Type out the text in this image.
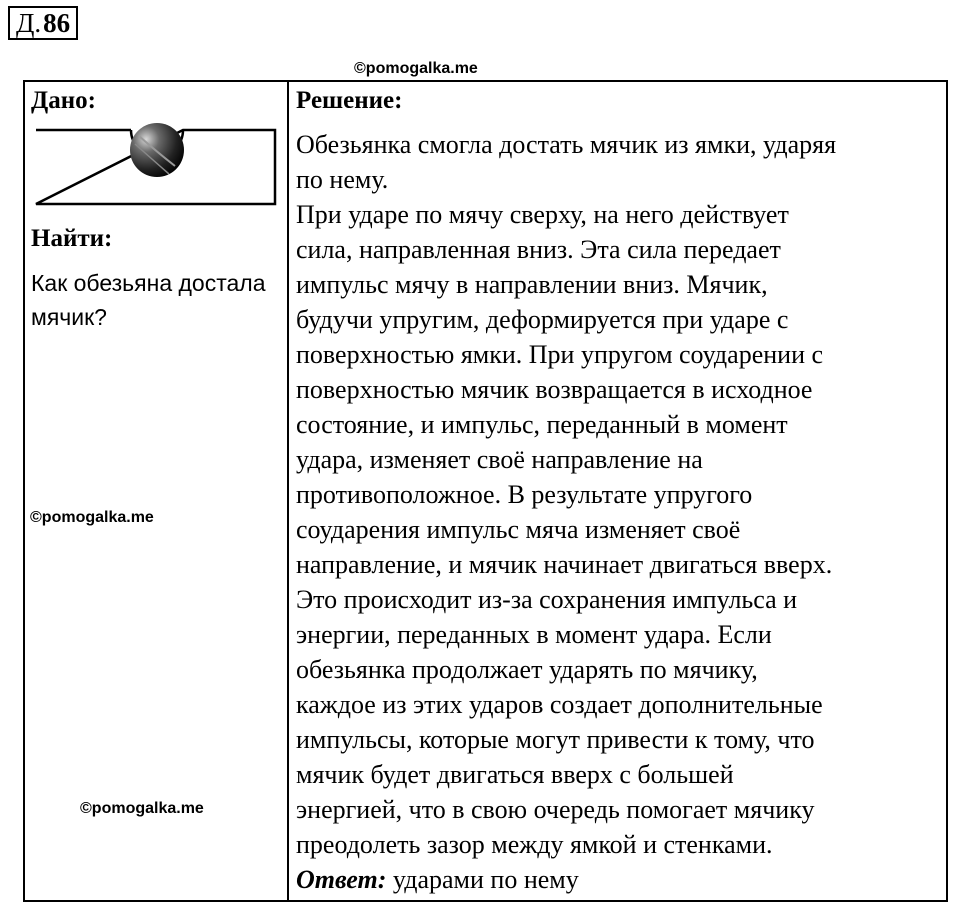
Д.86
©pomogalka.me
Дано:
Найти:
Как обезьяна достала мячик?
©pomogalka.me
©pomogalka.me

Решение:
Обезьянка смогла достать мячик из ямки, ударяя
по нему.
При ударе по мячу сверху, на него действует
сила, направленная вниз. Эта сила передает
импульс мячу в направлении вниз. Мячик,
будучи упругим, деформируется при ударе с
поверхностью ямки. При упругом соударении с
поверхностью мячик возвращается в исходное
состояние, и импульс, переданный в момент
удара, изменяет своё направление на
противоположное. В результате упругого
соударения импульс мяча изменяет своё
направление, и мячик начинает двигаться вверх.
Это происходит из-за сохранения импульса и
энергии, переданных в момент удара. Если
обезьянка продолжает ударять по мячику,
каждое из этих ударов создает дополнительные
импульсы, которые могут привести к тому, что
мячик будет двигаться вверх с большей
энергией, что в свою очередь помогает мячику
преодолеть зазор между ямкой и стенками.
Ответ: ударами по нему
